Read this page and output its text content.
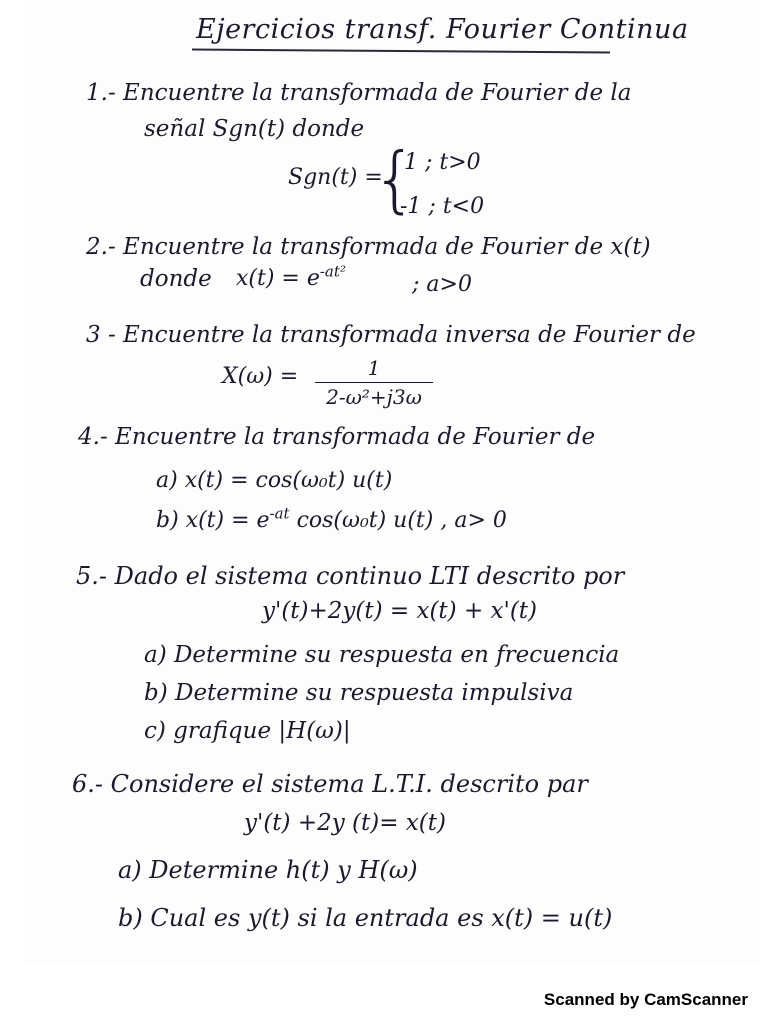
Ejercicios transf. Fourier Continua
1.- Encuentre la transformada de Fourier de la
señal Sgn(t) donde
Sgn(t) =
{
1 ; t>0
-1 ; t<0
2.- Encuentre la transformada de Fourier de x(t)
donde $x(t) = e^{-at^2}$
; a>0
3 - Encuentre la transformada inversa de Fourier de
X(ω) =	1
2-ω²+j3ω
4.- Encuentre la transformada de Fourier de
a) x(t) = cos(ω₀t) u(t)
b) $x(t) = e^{-at}$ cos(ω₀t) u(t) , a> 0
5.- Dado el sistema continuo LTI descrito por
y'(t)+2y(t) = x(t) + x'(t)
a) Determine su respuesta en frecuencia
b) Determine su respuesta impulsiva
c) grafique |H(ω)|
6.- Considere el sistema L.T.I. descrito par
y'(t) +2y (t)= x(t)
a) Determine h(t) y H(ω)
b) Cual es y(t) si la entrada es x(t) = u(t)
Scanned by CamScanner
